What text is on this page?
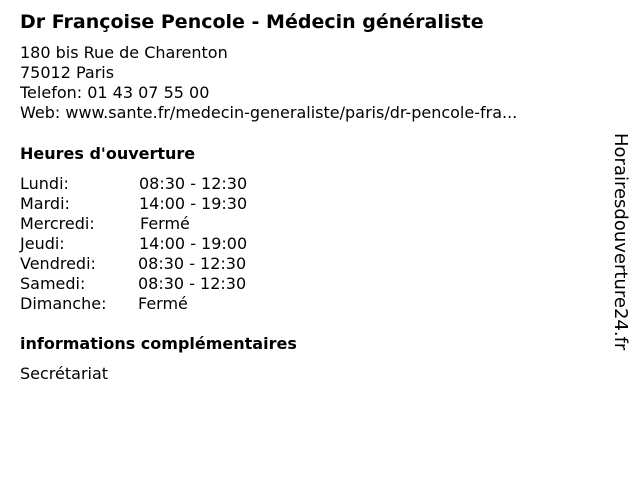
Dr Françoise Pencole - Médecin généraliste
180 bis Rue de Charenton
75012 Paris
Telefon: 01 43 07 55 00
Web: www.sante.fr/medecin-generaliste/paris/dr-pencole-fra...
Heures d'ouverture
Lundi:	08:30 - 12:30
Mardi:	14:00 - 19:30
Mercredi:	Fermé
Jeudi:	14:00 - 19:00
Vendredi:	08:30 - 12:30
Samedi:	08:30 - 12:30
Dimanche: Fermé
informations complémentaires
Secrétariat
Horairesdouverture24.fr
